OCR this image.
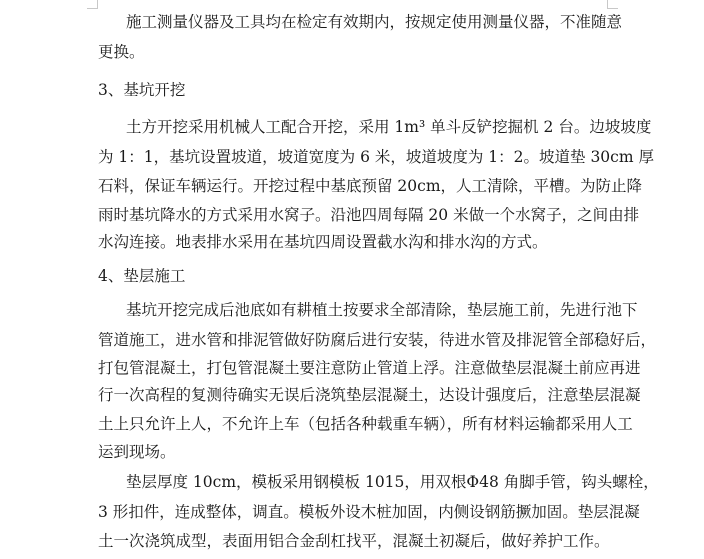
施工测量仪器及工具均在检定有效期内，按规定使用测量仪器，不准随意
更换。
3、基坑开挖
土方开挖采用机械人工配合开挖，采用 1m³ 单斗反铲挖掘机 2 台。边坡坡度
为 1：1，基坑设置坡道，坡道宽度为 6 米，坡道坡度为 1：2。坡道垫 30cm 厚
石料，保证车辆运行。开挖过程中基底预留 20cm，人工清除，平槽。为防止降
雨时基坑降水的方式采用水窝子。沿池四周每隔 20 米做一个水窝子，之间由排
水沟连接。地表排水采用在基坑四周设置截水沟和排水沟的方式。
4、垫层施工
基坑开挖完成后池底如有耕植土按要求全部清除，垫层施工前，先进行池下
管道施工，进水管和排泥管做好防腐后进行安装，待进水管及排泥管全部稳好后，
打包管混凝土，打包管混凝土要注意防止管道上浮。注意做垫层混凝土前应再进
行一次高程的复测待确实无误后浇筑垫层混凝土，达设计强度后，注意垫层混凝
土上只允许上人，不允许上车（包括各种载重车辆），所有材料运输都采用人工
运到现场。
垫层厚度 10cm，模板采用钢模板 1015，用双根Φ48 角脚手管，钩头螺栓，
3 形扣件，连成整体，调直。模板外设木桩加固，内侧设钢筋撅加固。垫层混凝
土一次浇筑成型，表面用铝合金刮杠找平，混凝土初凝后，做好养护工作。
